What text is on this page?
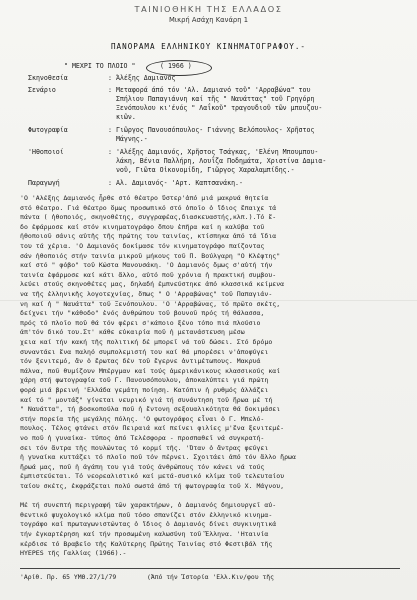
ΤΑΙΝΙΟΘΗΚΗ ΤΗΣ ΕΛΛΑΔΟΣ
Μικρή Ασάχη Κανάρη 1
ΠΑΝΟΡΑΜΑ ΕΛΛΗΝΙΚΟΥ ΚΙΝΗΜΑΤΟΓΡΑΦΟΥ.-
" ΜΕΧΡΙ ΤΟ ΠΛΟΙΟ "	( 1966 )
Σκηνοθεσία	: Άλέξης Δαμιανός
Σενάριο	: Μεταφορά άπό τόν 'Αλ. Δαμιανό τοῦ" 'Αρραβώνα" του
Σπήλιου Παπαγιάννη καί τῆς " Ναυάττας" τοῦ Γρηγόρη
Ξενόπουλου κι'ένός " Λαΐκοῦ" τραγουδιοῦ τῶν μπουζου-
κιῶν.
Φωτογραφία	: Γιῶργος Πανουσόπουλος- Γιάννης Βελόπουλος- Χρῆστος
Μάγνης.-
'Ηθοποιοί	: 'Αλέξης Δαμιανός, Χρῆστος Τσάγκας, 'Ελένη Μπουμπου-
λάκη, Βένια Παλλήρη, Λουΐζα Ποδημάτα, Χριστίνα Δαμια-
νοῦ, Γιῶτα Οἰκονομίδη, Γιῶργος Χαραλαμπίδης.-
Παραγωγή	: Αλ. Δαμιανός- 'Αρτ. Καπτσανάκη.-
'Ο 'Αλέξης Δαμιανός ἦρθε στό θέατρο ὕστερ'ἀπό μιά μακρυά θητεία
στό θέατρο. Γιά θέατρο ὅμως προσωπικό στό ὁποῖο ὁ ἴδιος ἔπαιχε τά
πάντα ( ἠθοποιός, σκηνοθέτης, συγγραφέας,διασκευαστής,κλπ.).Τό ἔ-
δο ἐφάρμοσε καί στόν κινηματογράφο ὅπου ἐπῆρα καί η καλύβα τοῦ
ἠθοποιοῦ σάνις αὐτῆς τῆς πρώτης του ταινίας, κτίσπηκα ἀπό τά ἴδια
του τά χέρια. 'Ο Δαμιανός δοκίμασε τόν κινηματογράφο παίζοντας
σάν ἠθοποιός στήν ταινία μικροῦ μήκους τοῦ Π. Βούλγαρη "Ο Κλέφτης"
καί στό " φόβο" τοῦ Κώστα Μανουσάκη. 'Ο Δαμιανός ὅμως σ'αὐτή τήν
ταινία ἐφάρμοσε καί κάτι ἄλλο, αὐτό ποῦ χρόνια ἡ πρακτική συμβου-
λεύει στούς σκηνοθέτες μας, δηλαδή ἐμπνεύστηκε ἀπό κλασσικά κείμενα
να τῆς ἑλληνικῆς λογοτεχνίας, ὅπως " Ο 'Αρραβώνας" τοῦ Παπαγιάν-
νη καί ἡ " Ναυάττα" τοῦ Ξενόπουλου. 'Ο 'Αρραβώνας, τό πρῶτο σκέτς,
δείχνει τήν "κάθοδο" ἑνός ἀνθρώπου τοῦ βουνοῦ πρός τή θάλασσα,
πρός τό πλοῖο ποῦ θά τόν φέρει σ'κάποιο ξένο τόπο πιά πλούσιο
ἀπ'τόν δικό του.Στ' κάθε εὐκαιρία ποῦ ἡ μετανάστευση μέσω
χεια καί τήν κακή τῆς πολιτική δέ μπορεῖ νά τοῦ δώσει. Στό δρόμο
συναντάει ἕνα παληό συμπολεμιστή του καί θά μπορέσει ν'ἀποφύγει
τόν ξενιτεμό, ἄν ὁ ἔρωτας δέν τοῦ ἔγερνε ἀντιμέτωπους. Μακρυά
πάλνα, ποῦ θυμίζουν Μπέργμαν καί τούς ἀμερικάνικους κλασσικούς καί
χάρη στή φωτογραφία τοῦ Γ. Πανουσόπουλου, ἀποκαλύπτει γιά πρώτη
φορά μιά βρεινή 'Ελλάδα γεμάτη ποίηση. Κατόπιν ἡ ρυθμός ἀλλάζει
καί τό " μοντάζ" γίνεται νευρικό γιά τή συνάντηση τοῦ ἥρωα μέ τή
" Ναυάττα", τή βοσκοπούλα ποῦ ἡ ἔντονη σεξουαλικότητα θά δοκιμάσει
στήν πορεία τῆς μεγάλης πόλης. 'Ο φωτογράφος εἶναι ὁ Γ. Μπελό-
πουλος. Τέλος φτάνει στόν Πειραιά καί πείνει φιλίες μ'ἕνα ξενιτεμέ-
νο ποῦ ἡ γυναίκα- τύπος ἀπό Τελέσφορα - προσπαθεῖ νά συγκρατή-
σει τόν ἄντρα τῆς πουλώντας τό κορμί τῆς. 'Όταν ὁ ἄντρας φεύγει
ἡ γυναίκα κυττάζει τό πλοῖο ποῦ τόν πέρνει. Σχοιτάει ἀπό τόν ἄλλο ἥρωα
ἥρωά μας, ποῦ ἡ ἀγάπη του γιά τούς ἀνθρώπους τόν κάνει νά τούς
ἐμπιστεύεται. Τό νεορεαλιστικό καί μετά-συσικό κλίμα τοῦ τελευταίου
ταίου σκέτς, ἐκφράζεται πολύ σωστά ἀπό τή φωτογραφία τοῦ Χ. Μάγνου,
Μέ τή συνεπτή περιγραφή τῶν χαρακτήρων, ὁ Δαμιανός δημιουργεῖ αὐ-
θεντικό ψυχολογικό κλίμα ποῦ τόσο σπανίζει στόν ἑλληνικό κινημα-
τογράφο καί πρωταγωνιστώντας ὁ ἴδιος ὁ Δαμιανός δίνει συγκινητικά
τήν ἐγκαρτέρηση καί τήν προσωμένη καλωσύνη τοῦ Ἕλληνα. 'Ηταινία
κέρδισε τό Βραβεῖο τῆς Καλύτερης Πρώτης Ταινίας στό Φεστιβάλ τῆς
ΗΥΕΡΕS τῆς Γαλλίας (1966).-
'Αρίθ. Πρ. 65 ΥΜΘ.27/1/79        (Ἀπό τήν Ἱστορία 'Ελλ.Κιν/φου τῆς
